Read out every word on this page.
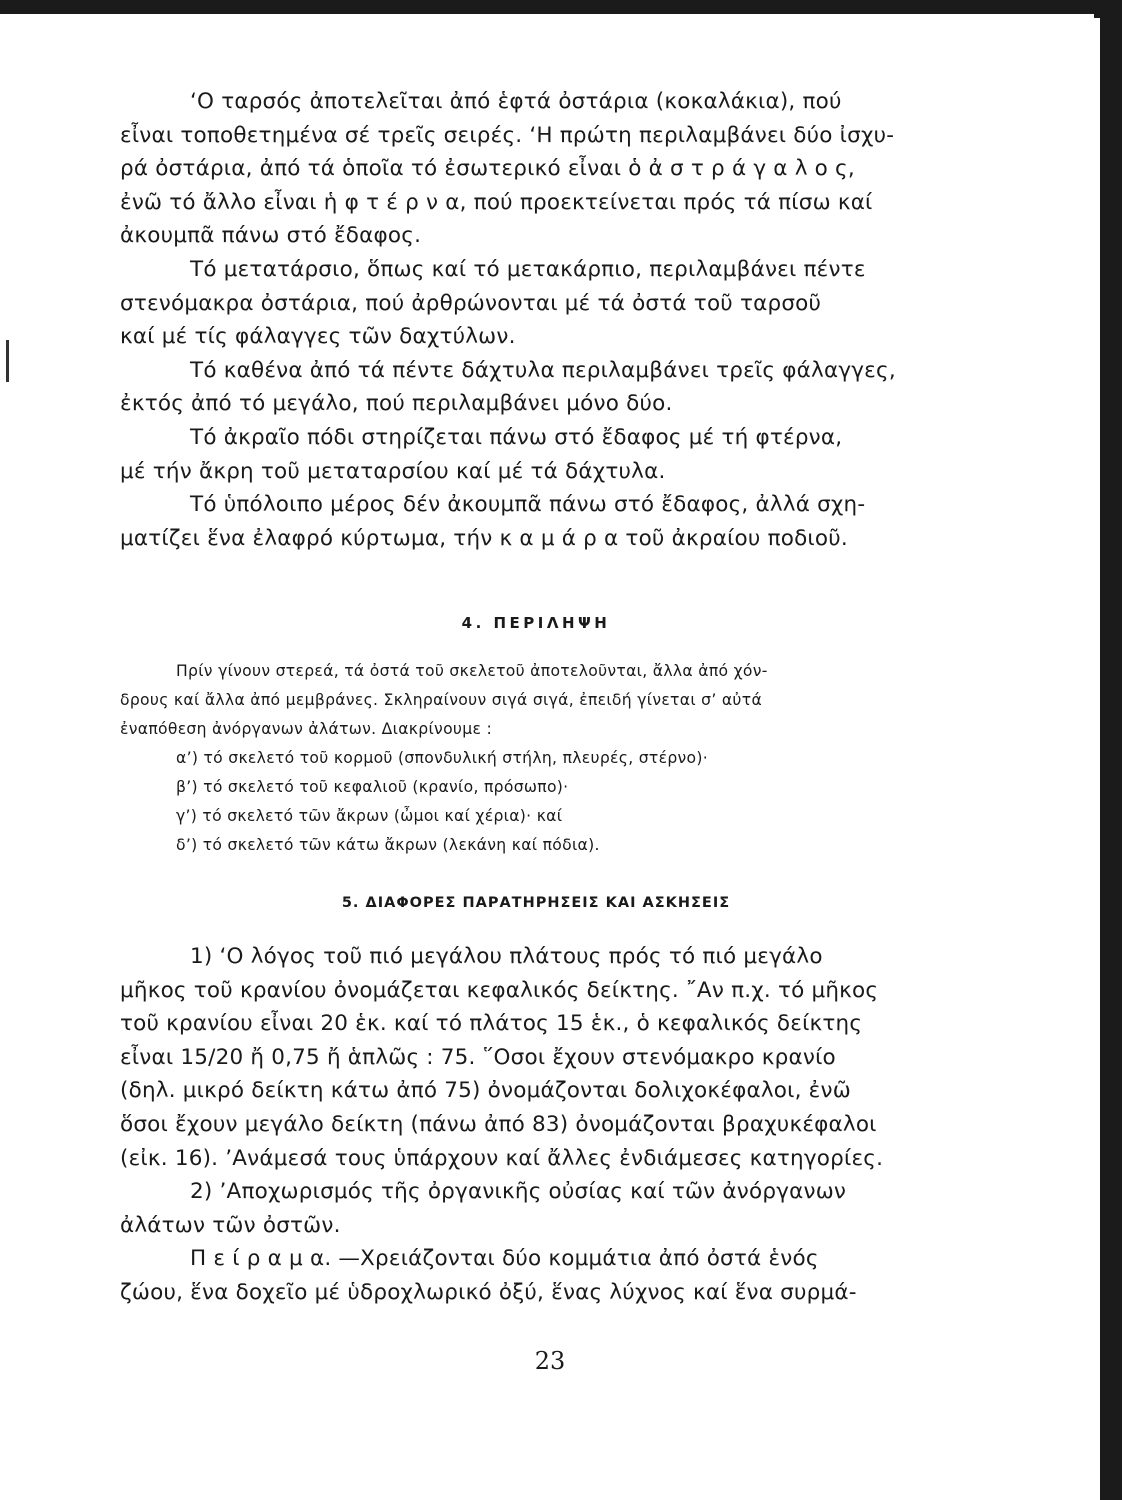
‘Ο ταρσός ἀποτελεῖται ἀπό ἑφτά ὀστάρια (κοκαλάκια), πού
εἶναι τοποθετημένα σέ τρεῖς σειρές. ‘Η πρώτη περιλαμβάνει δύο ἰσχυ-
ρά ὀστάρια, ἀπό τά ὁποῖα τό ἐσωτερικό εἶναι ὁ ἀ σ τ ρ ά γ α λ ο ς,
ἐνῶ τό ἄλλο εἶναι ἡ φ τ έ ρ ν α, πού προεκτείνεται πρός τά πίσω καί
ἀκουμπᾶ πάνω στό ἔδαφος.

Τό μετατάρσιο, ὅπως καί τό μετακάρπιο, περιλαμβάνει πέντε
στενόμακρα ὀστάρια, πού ἀρθρώνονται μέ τά ὀστά τοῦ ταρσοῦ
καί μέ τίς φάλαγγες τῶν δαχτύλων.

Τό καθένα ἀπό τά πέντε δάχτυλα περιλαμβάνει τρεῖς φάλαγγες,
ἐκτός ἀπό τό μεγάλο, πού περιλαμβάνει μόνο δύο.

Τό ἀκραῖο πόδι στηρίζεται πάνω στό ἔδαφος μέ τή φτέρνα,
μέ τήν ἄκρη τοῦ μεταταρσίου καί μέ τά δάχτυλα.

Τό ὑπόλοιπο μέρος δέν ἀκουμπᾶ πάνω στό ἔδαφος, ἀλλά σχη-
ματίζει ἕνα ἐλαφρό κύρτωμα, τήν κ α μ ά ρ α τοῦ ἀκραίου ποδιοῦ.

4. ΠΕΡΙΛΗΨΗ

Πρίν γίνουν στερεά, τά ὀστά τοῦ σκελετοῦ ἀποτελοῦνται, ἄλλα ἀπό χόν-
δρους καί ἄλλα ἀπό μεμβράνες. Σκληραίνουν σιγά σιγά, ἐπειδή γίνεται σ’ αὐτά
ἐναπόθεση ἀνόργανων ἀλάτων. Διακρίνουμε :

α’) τό σκελετό τοῦ κορμοῦ (σπονδυλική στήλη, πλευρές, στέρνο)·

β’) τό σκελετό τοῦ κεφαλιοῦ (κρανίο, πρόσωπο)·

γ’) τό σκελετό τῶν ἄκρων (ὦμοι καί χέρια)· καί

δ’) τό σκελετό τῶν κάτω ἄκρων (λεκάνη καί πόδια).

5. ΔΙΑΦΟΡΕΣ ΠΑΡΑΤΗΡΗΣΕΙΣ ΚΑΙ ΑΣΚΗΣΕΙΣ

1) ‘Ο λόγος τοῦ πιό μεγάλου πλάτους πρός τό πιό μεγάλο
μῆκος τοῦ κρανίου ὀνομάζεται κεφαλικός δείκτης. ῎Αν π.χ. τό μῆκος
τοῦ κρανίου εἶναι 20 ἑκ. καί τό πλάτος 15 ἑκ., ὁ κεφαλικός δείκτης
εἶναι 15/20 ἤ 0,75 ἤ ἁπλῶς : 75. ῞Οσοι ἔχουν στενόμακρο κρανίο
(δηλ. μικρό δείκτη κάτω ἀπό 75) ὀνομάζονται δολιχοκέφαλοι, ἐνῶ
ὅσοι ἔχουν μεγάλο δείκτη (πάνω ἀπό 83) ὀνομάζονται βραχυκέφαλοι
(εἰκ. 16). ’Ανάμεσά τους ὑπάρχουν καί ἄλλες ἐνδιάμεσες κατηγορίες.

2) ’Αποχωρισμός τῆς ὀργανικῆς οὐσίας καί τῶν ἀνόργανων
ἀλάτων τῶν ὀστῶν.

Π ε ί ρ α μ α. —Χρειάζονται δύο κομμάτια ἀπό ὀστά ἑνός
ζώου, ἕνα δοχεῖο μέ ὑδροχλωρικό ὀξύ, ἕνας λύχνος καί ἕνα συρμά-

23
